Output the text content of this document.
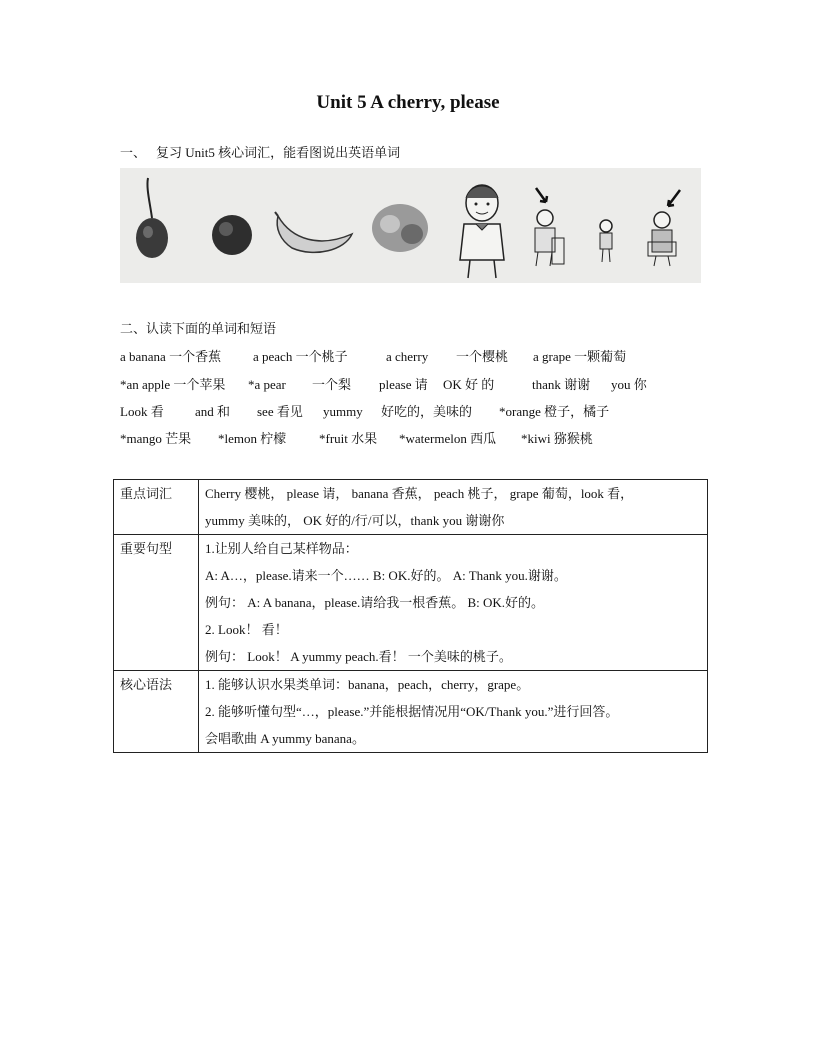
Unit 5 A cherry, please
一、 复习 Unit5 核心词汇，能看图说出英语单词
二、认读下面的单词和短语
a banana 一个香蕉 a peach 一个桃子	a cherry 一个樱桃 a grape 一颗葡萄
*an apple 一个苹果 *a pear 一个梨 please 请 OK 好 的	thank 谢谢 you 你
Look 看 and 和 see 看见 yummy 好吃的，美味的 *orange 橙子，橘子
*mango 芒果 *lemon 柠檬	*fruit 水果 *watermelon 西瓜 *kiwi 猕猴桃
重点词汇	Cherry 樱桃， please 请， banana 香蕉， peach 桃子， grape 葡萄，look 看，

yummy 美味的， OK 好的/行/可以，thank you 谢谢你

重要句型	1.让别人给自己某样物品：

A: A…，please.请来一个…… B: OK.好的。 A: Thank you.谢谢。

例句： A: A banana，please.请给我一根香蕉。 B: OK.好的。

2. Look！ 看！

例句： Look！ A yummy peach.看！ 一个美味的桃子。

核心语法	1. 能够认识水果类单词：banana，peach，cherry，grape。

2. 能够听懂句型“…，please.”并能根据情况用“OK/Thank you.”进行回答。

会唱歌曲 A yummy banana。
